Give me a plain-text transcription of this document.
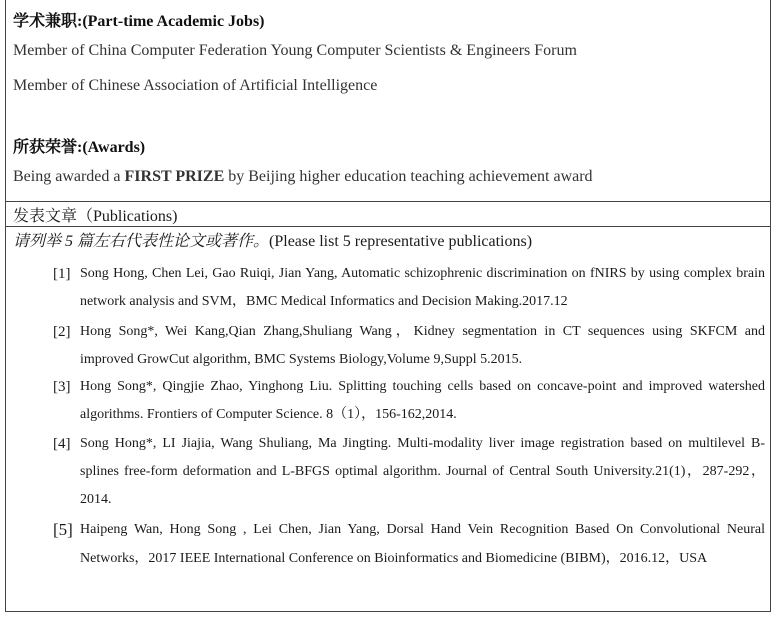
学术兼职:(Part-time Academic Jobs)
Member of China Computer Federation Young Computer Scientists & Engineers Forum
Member of Chinese Association of Artificial Intelligence
所获荣誉:(Awards)
Being awarded a FIRST PRIZE by Beijing higher education teaching achievement award
发表文章（Publications)
请列举 5 篇左右代表性论文或著作。(Please list 5 representative publications)
[1] Song Hong, Chen Lei, Gao Ruiqi, Jian Yang, Automatic schizophrenic discrimination on fNIRS by using complex brain network analysis and SVM，BMC Medical Informatics and Decision Making.2017.12
[2] Hong Song*, Wei Kang,Qian Zhang,Shuliang Wang，Kidney segmentation in CT sequences using SKFCM and improved GrowCut algorithm, BMC Systems Biology,Volume 9,Suppl 5.2015.
[3] Hong Song*, Qingjie Zhao, Yinghong Liu. Splitting touching cells based on concave-point and improved watershed algorithms. Frontiers of Computer Science. 8（1），156-162,2014.
[4] Song Hong*, LI Jiajia, Wang Shuliang, Ma Jingting. Multi-modality liver image registration based on multilevel B-splines free-form deformation and L-BFGS optimal algorithm. Journal of Central South University.21(1)，287-292，2014.
[5] Haipeng Wan, Hong Song , Lei Chen, Jian Yang, Dorsal Hand Vein Recognition Based On Convolutional Neural Networks，2017 IEEE International Conference on Bioinformatics and Biomedicine (BIBM)，2016.12，USA
